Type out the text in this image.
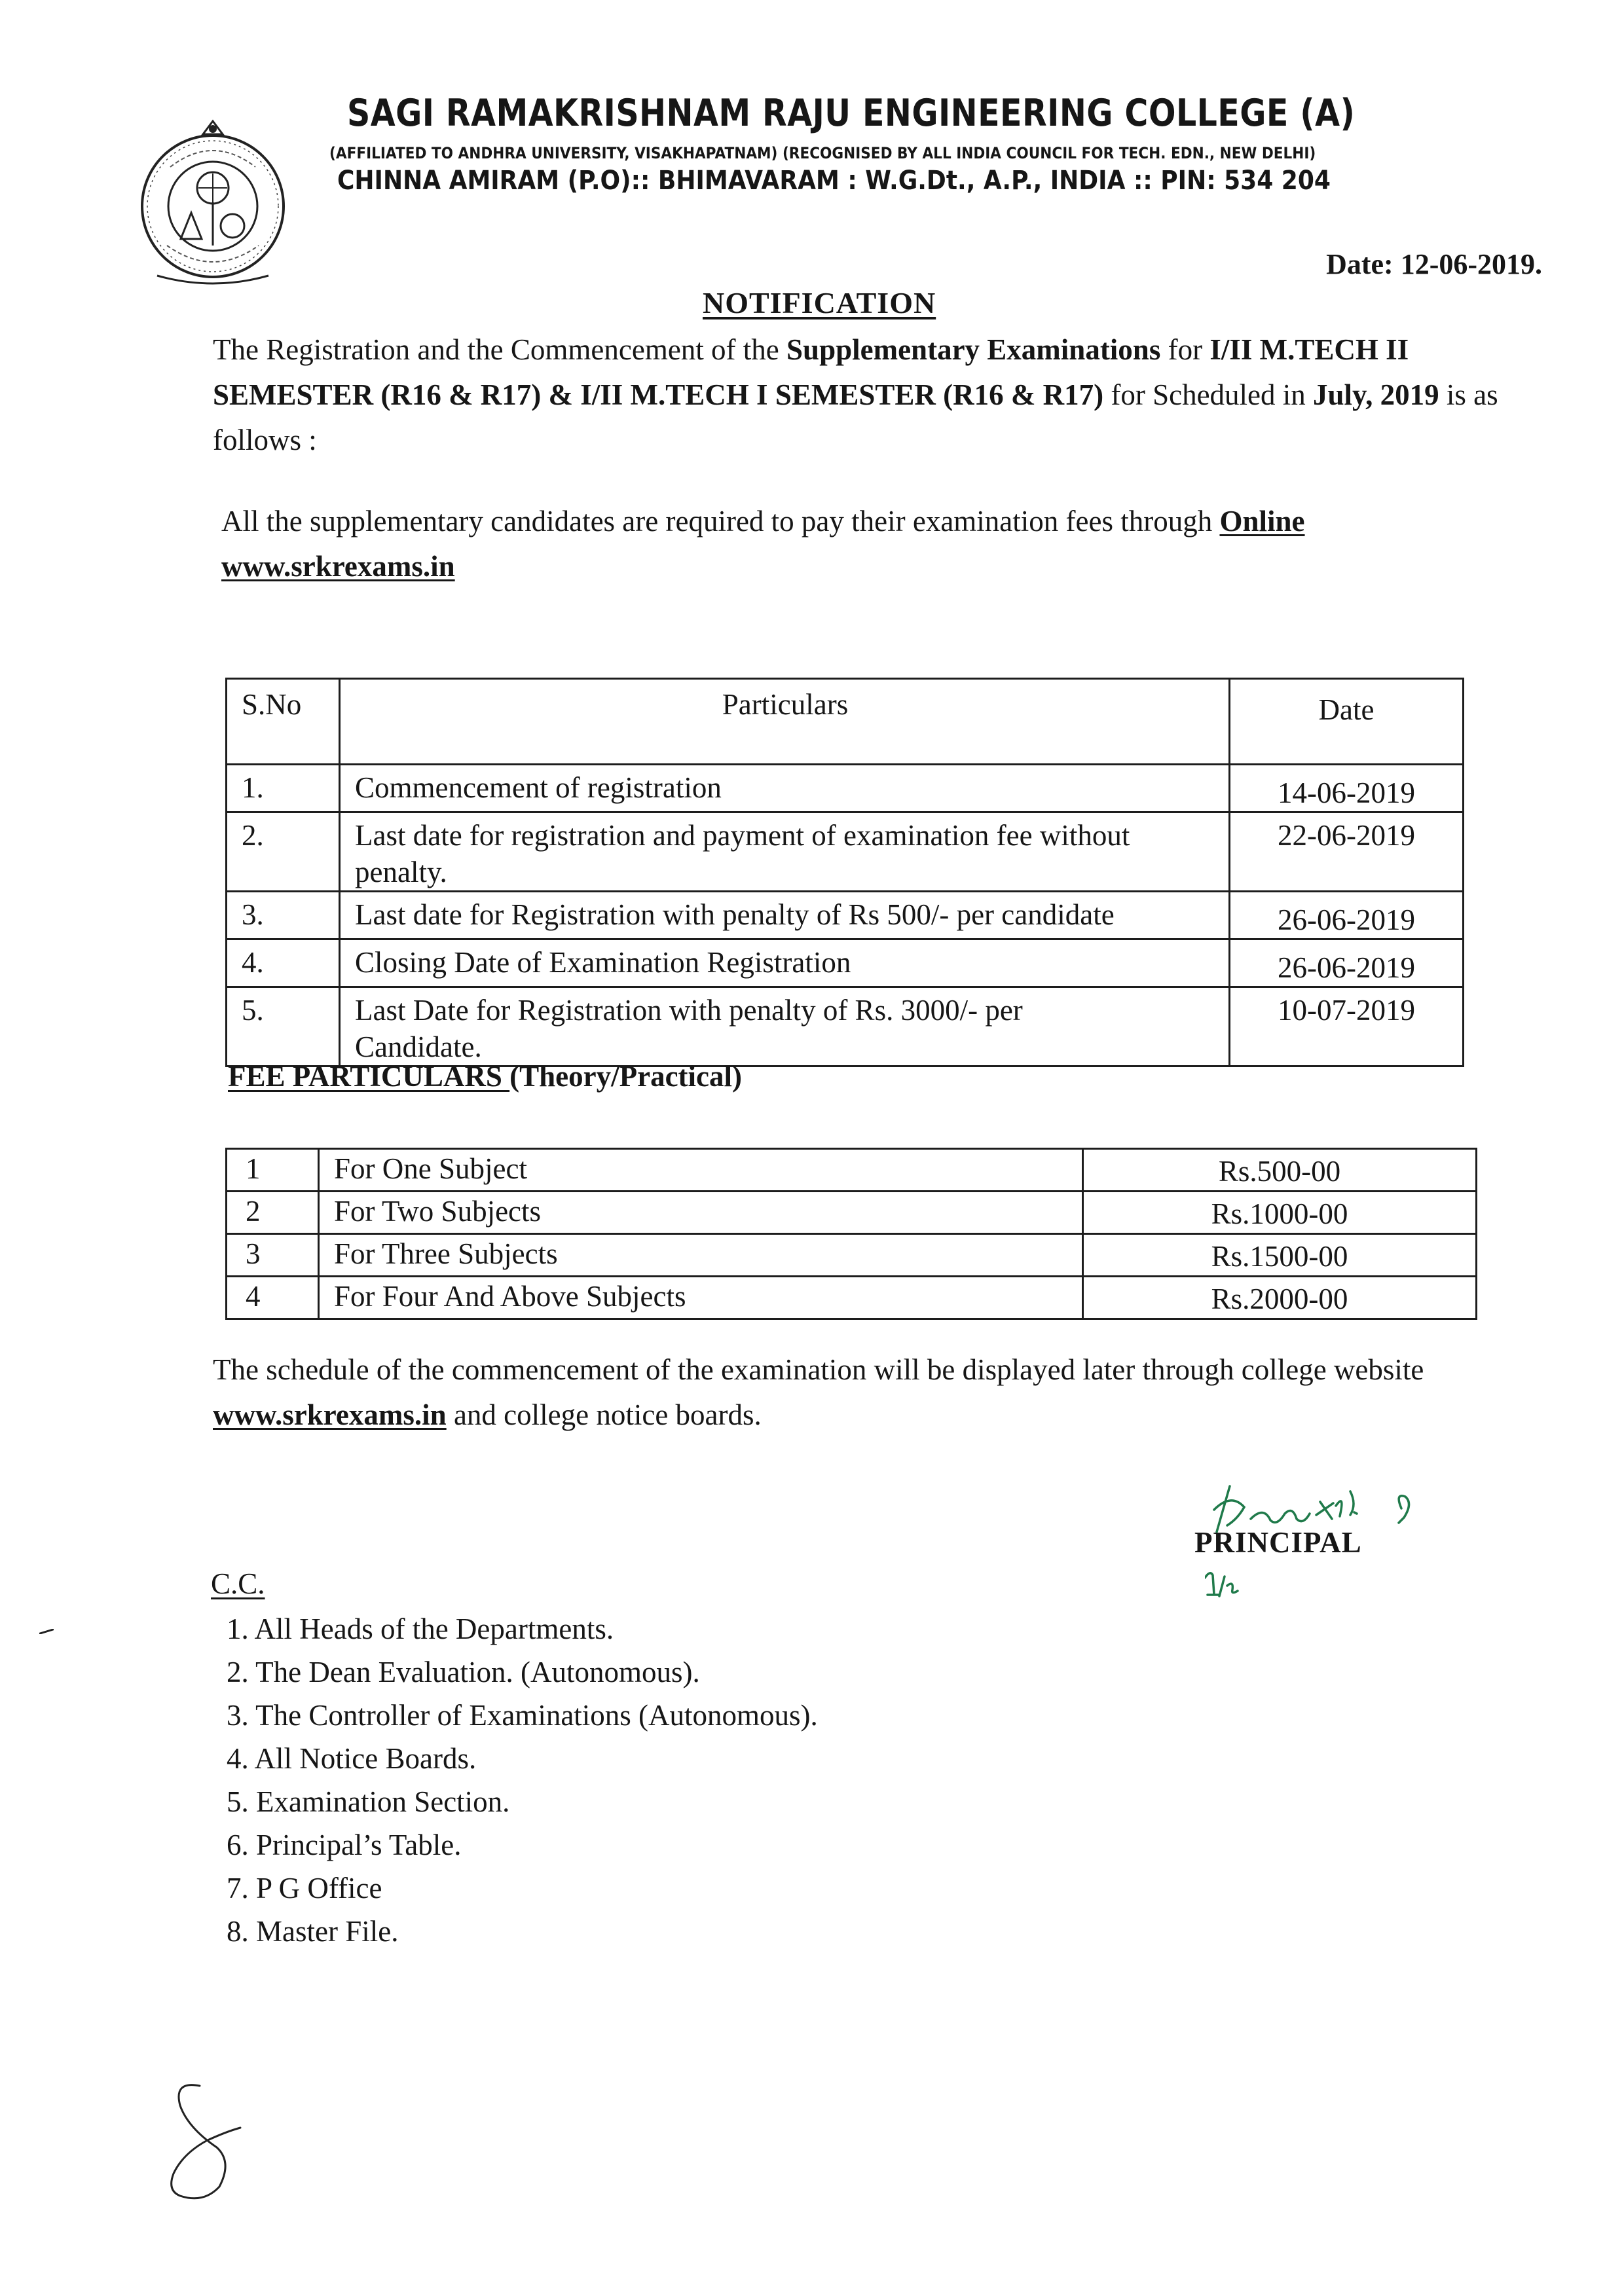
SAGI RAMAKRISHNAM RAJU ENGINEERING COLLEGE (A)
(AFFILIATED TO ANDHRA UNIVERSITY, VISAKHAPATNAM) (RECOGNISED BY ALL INDIA COUNCIL FOR TECH. EDN., NEW DELHI)
CHINNA AMIRAM (P.O):: BHIMAVARAM : W.G.Dt., A.P., INDIA :: PIN: 534 204
Date: 12-06-2019.
NOTIFICATION
The Registration and the Commencement of the Supplementary Examinations for I/II M.TECH II SEMESTER (R16 & R17) & I/II M.TECH I SEMESTER (R16 & R17) for Scheduled in July, 2019 is as follows :
All the supplementary candidates are required to pay their examination fees through Online
www.srkrexams.in
S.No	Particulars	Date
1.	Commencement of registration	14-06-2019
2.	Last date for registration and payment of examination fee without penalty.	22-06-2019
3.	Last date for Registration with penalty of Rs 500/- per candidate	26-06-2019
4.	Closing Date of Examination Registration	26-06-2019
5.	Last Date for Registration with penalty of Rs. 3000/- per Candidate.	10-07-2019
FEE PARTICULARS (Theory/Practical)
1	For One Subject	Rs.500-00
2	For Two Subjects	Rs.1000-00
3	For Three Subjects	Rs.1500-00
4	For Four And Above Subjects	Rs.2000-00
The schedule of the commencement of the examination will be displayed later through college website www.srkrexams.in and college notice boards.
PRINCIPAL
C.C.
1. All Heads of the Departments.
2. The Dean Evaluation. (Autonomous).
3. The Controller of Examinations (Autonomous).
4. All Notice Boards.
5. Examination Section.
6. Principal’s Table.
7. P G Office
8. Master File.
